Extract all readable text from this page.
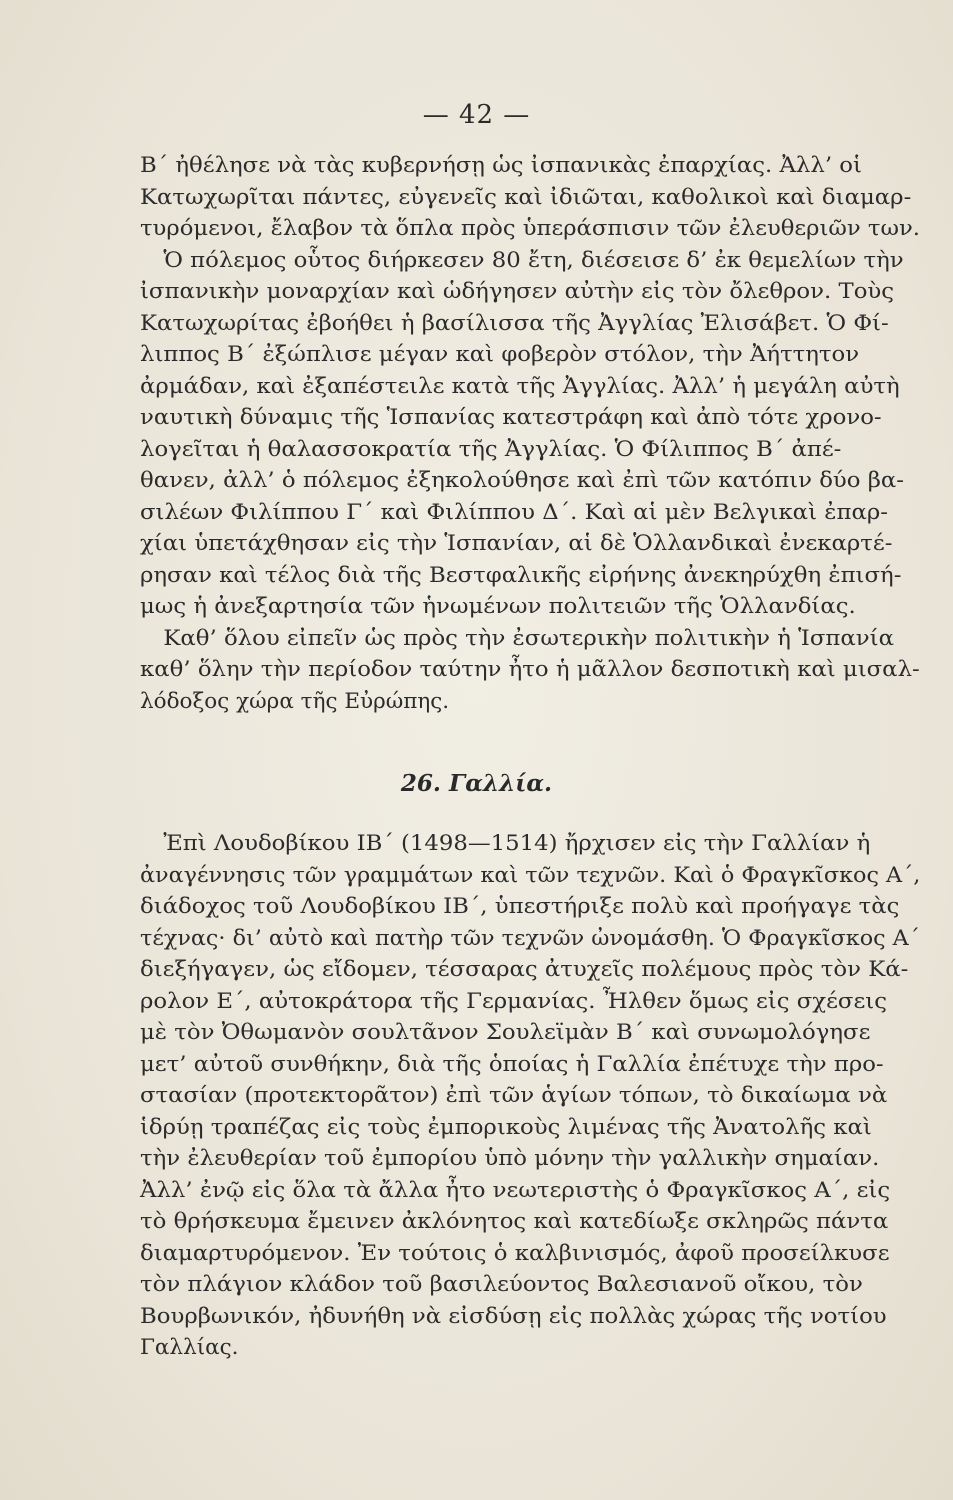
— 42 —
Β΄ ἠθέλησε νὰ τὰς κυβερνήσῃ ὡς ἰσπανικὰς ἐπαρχίας. Ἀλλ’ οἱ
Κατωχωρῖται πάντες, εὐγενεῖς καὶ ἰδιῶται, καθολικοὶ καὶ διαμαρ-
τυρόμενοι, ἔλαβον τὰ ὅπλα πρὸς ὑπεράσπισιν τῶν ἐλευθεριῶν των.
Ὁ πόλεμος οὗτος διήρκεσεν 80 ἔτη, διέσεισε δ’ ἐκ θεμελίων τὴν
ἰσπανικὴν μοναρχίαν καὶ ὡδήγησεν αὐτὴν εἰς τὸν ὄλεθρον. Τοὺς
Κατωχωρίτας ἐβοήθει ἡ βασίλισσα τῆς Ἀγγλίας Ἐλισάβετ. Ὁ Φί-
λιππος Β΄ ἐξώπλισε μέγαν καὶ φοβερὸν στόλον, τὴν Ἀήττητον
ἀρμάδαν, καὶ ἐξαπέστειλε κατὰ τῆς Ἀγγλίας. Ἀλλ’ ἡ μεγάλη αὐτὴ
ναυτικὴ δύναμις τῆς Ἱσπανίας κατεστράφη καὶ ἀπὸ τότε χρονο-
λογεῖται ἡ θαλασσοκρατία τῆς Ἀγγλίας. Ὁ Φίλιππος Β΄ ἀπέ-
θανεν, ἀλλ’ ὁ πόλεμος ἐξηκολούθησε καὶ ἐπὶ τῶν κατόπιν δύο βα-
σιλέων Φιλίππου Γ΄ καὶ Φιλίππου Δ΄. Καὶ αἱ μὲν Βελγικαὶ ἐπαρ-
χίαι ὑπετάχθησαν εἰς τὴν Ἱσπανίαν, αἱ δὲ Ὁλλανδικαὶ ἐνεκαρτέ-
ρησαν καὶ τέλος διὰ τῆς Βεστφαλικῆς εἰρήνης ἀνεκηρύχθη ἐπισή-
μως ἡ ἀνεξαρτησία τῶν ἡνωμένων πολιτειῶν τῆς Ὁλλανδίας.
Καθ’ ὅλου εἰπεῖν ὡς πρὸς τὴν ἐσωτερικὴν πολιτικὴν ἡ Ἱσπανία
καθ’ ὅλην τὴν περίοδον ταύτην ἦτο ἡ μᾶλλον δεσποτικὴ καὶ μισαλ-
λόδοξος χώρα τῆς Εὐρώπης.
26. Γαλλία.
Ἐπὶ Λουδοβίκου ΙΒ΄ (1498—1514) ἤρχισεν εἰς τὴν Γαλλίαν ἡ
ἀναγέννησις τῶν γραμμάτων καὶ τῶν τεχνῶν. Καὶ ὁ Φραγκῖσκος Α΄,
διάδοχος τοῦ Λουδοβίκου ΙΒ΄, ὑπεστήριξε πολὺ καὶ προήγαγε τὰς
τέχνας· δι’ αὐτὸ καὶ πατὴρ τῶν τεχνῶν ὠνομάσθη. Ὁ Φραγκῖσκος Α΄
διεξήγαγεν, ὡς εἴδομεν, τέσσαρας ἀτυχεῖς πολέμους πρὸς τὸν Κά-
ρολον Ε΄, αὐτοκράτορα τῆς Γερμανίας. Ἦλθεν ὅμως εἰς σχέσεις
μὲ τὸν Ὀθωμανὸν σουλτᾶνον Σουλεϊμὰν Β΄ καὶ συνωμολόγησε
μετ’ αὐτοῦ συνθήκην, διὰ τῆς ὁποίας ἡ Γαλλία ἐπέτυχε τὴν προ-
στασίαν (προτεκτορᾶτον) ἐπὶ τῶν ἁγίων τόπων, τὸ δικαίωμα νὰ
ἱδρύῃ τραπέζας εἰς τοὺς ἐμπορικοὺς λιμένας τῆς Ἀνατολῆς καὶ
τὴν ἐλευθερίαν τοῦ ἐμπορίου ὑπὸ μόνην τὴν γαλλικὴν σημαίαν.
Ἀλλ’ ἐνῷ εἰς ὅλα τὰ ἄλλα ἦτο νεωτεριστὴς ὁ Φραγκῖσκος Α΄, εἰς
τὸ θρήσκευμα ἔμεινεν ἀκλόνητος καὶ κατεδίωξε σκληρῶς πάντα
διαμαρτυρόμενον. Ἐν τούτοις ὁ καλβινισμός, ἀφοῦ προσείλκυσε
τὸν πλάγιον κλάδον τοῦ βασιλεύοντος Βαλεσιανοῦ οἴκου, τὸν
Βουρβωνικόν, ἠδυνήθη νὰ εἰσδύσῃ εἰς πολλὰς χώρας τῆς νοτίου
Γαλλίας.
